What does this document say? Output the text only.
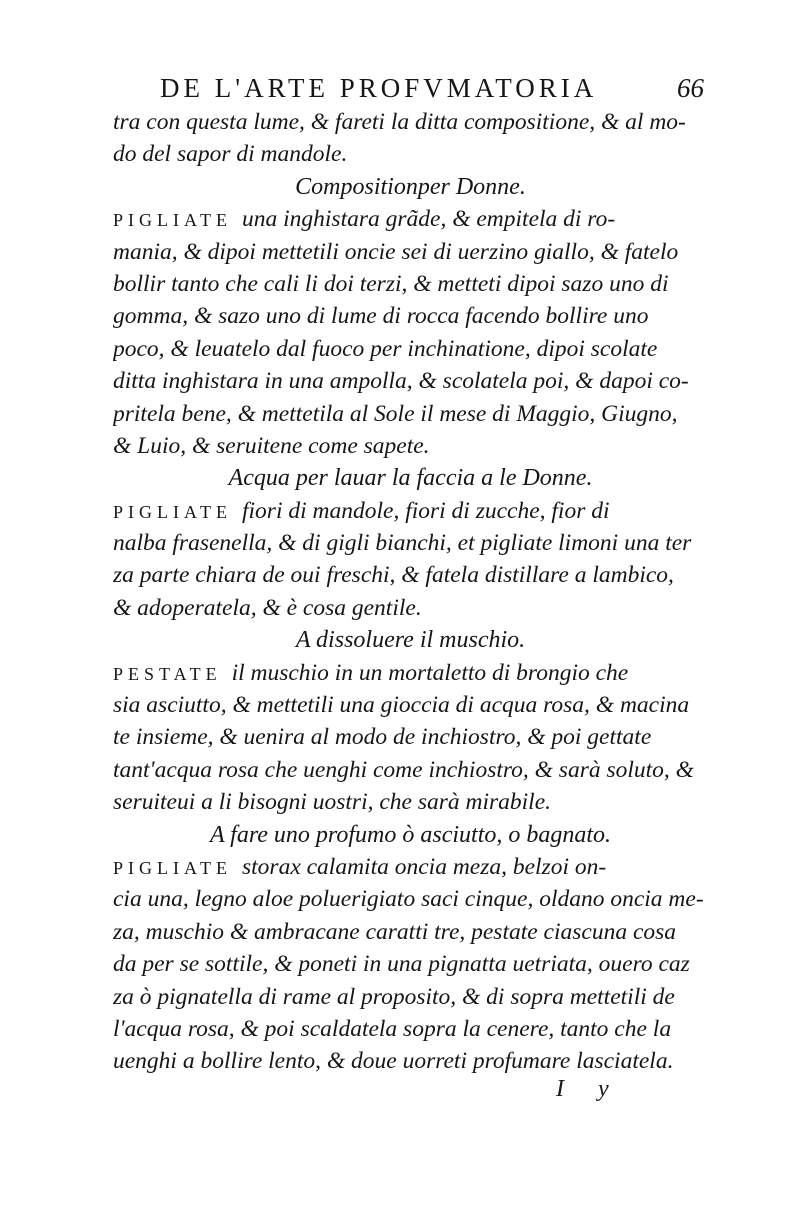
DE L'ARTE PROFVMATORIA	66
tra con questa lume, & fareti la ditta compositione, & al mo-
do del sapor di mandole.
Compositionper Donne.
PIGLIATE una inghistara grãde, & empitela di ro-
mania, & dipoi mettetili oncie sei di uerzino giallo, & fatelo
bollir tanto che cali li doi terzi, & metteti dipoi sazo uno di
gomma, & sazo uno di lume di rocca facendo bollire uno
poco, & leuatelo dal fuoco per inchinatione, dipoi scolate
ditta inghistara in una ampolla, & scolatela poi, & dapoi co-
pritela bene, & mettetila al Sole il mese di Maggio, Giugno,
& Luio, & seruitene come sapete.
Acqua per lauar la faccia a le Donne.
PIGLIATE fiori di mandole, fiori di zucche, fior di
nalba frasenella, & di gigli bianchi, et pigliate limoni una ter
za parte chiara de oui freschi, & fatela distillare a lambico,
& adoperatela, & è cosa gentile.
A dissoluere il muschio.
PESTATE il muschio in un mortaletto di brongio che
sia asciutto, & mettetili una gioccia di acqua rosa, & macina
te insieme, & uenira al modo de inchiostro, & poi gettate
tant'acqua rosa che uenghi come inchiostro, & sarà soluto, &
seruiteui a li bisogni uostri, che sarà mirabile.
A fare uno profumo ò asciutto, o bagnato.
PIGLIATE storax calamita oncia meza, belzoi on-
cia una, legno aloe poluerigiato saci cinque, oldano oncia me-
za, muschio & ambracane caratti tre, pestate ciascuna cosa
da per se sottile, & poneti in una pignatta uetriata, ouero caz
za ò pignatella di rame al proposito, & di sopra mettetili de
l'acqua rosa, & poi scaldatela sopra la cenere, tanto che la
uenghi a bollire lento, & doue uorreti profumare lasciatela.
I y
